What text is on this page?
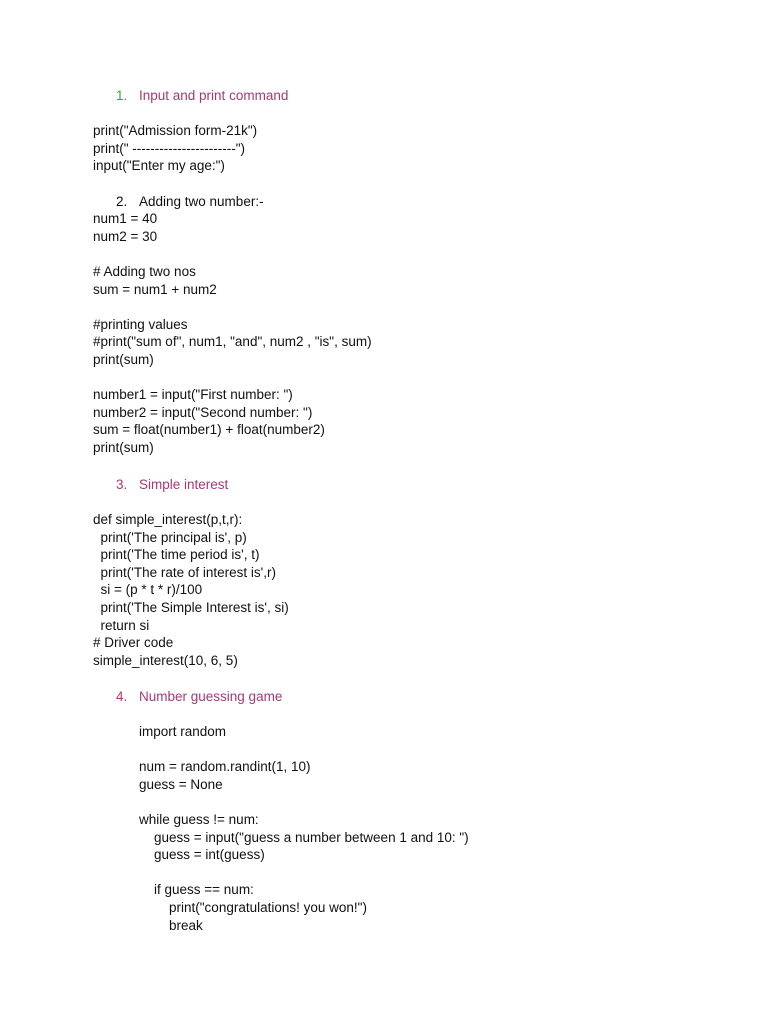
1. Input and print command
print("Admission form-21k")
print(" -----------------------")
input("Enter my age:")
2. Adding two number:-
num1 = 40
num2 = 30
# Adding two nos
sum = num1 + num2
#printing values
#print("sum of", num1, "and", num2 , "is", sum)
print(sum)
number1 = input("First number: ")
number2 = input("Second number: ")
sum = float(number1) + float(number2)
print(sum)
3. Simple interest
def simple_interest(p,t,r):
print('The principal is', p)
print('The time period is', t)
print('The rate of interest is',r)
si = (p * t * r)/100
print('The Simple Interest is', si)
return si
# Driver code
simple_interest(10, 6, 5)
4. Number guessing game
import random
num = random.randint(1, 10)
guess = None
while guess != num:
guess = input("guess a number between 1 and 10: ")
guess = int(guess)
if guess == num:
print("congratulations! you won!")
break
